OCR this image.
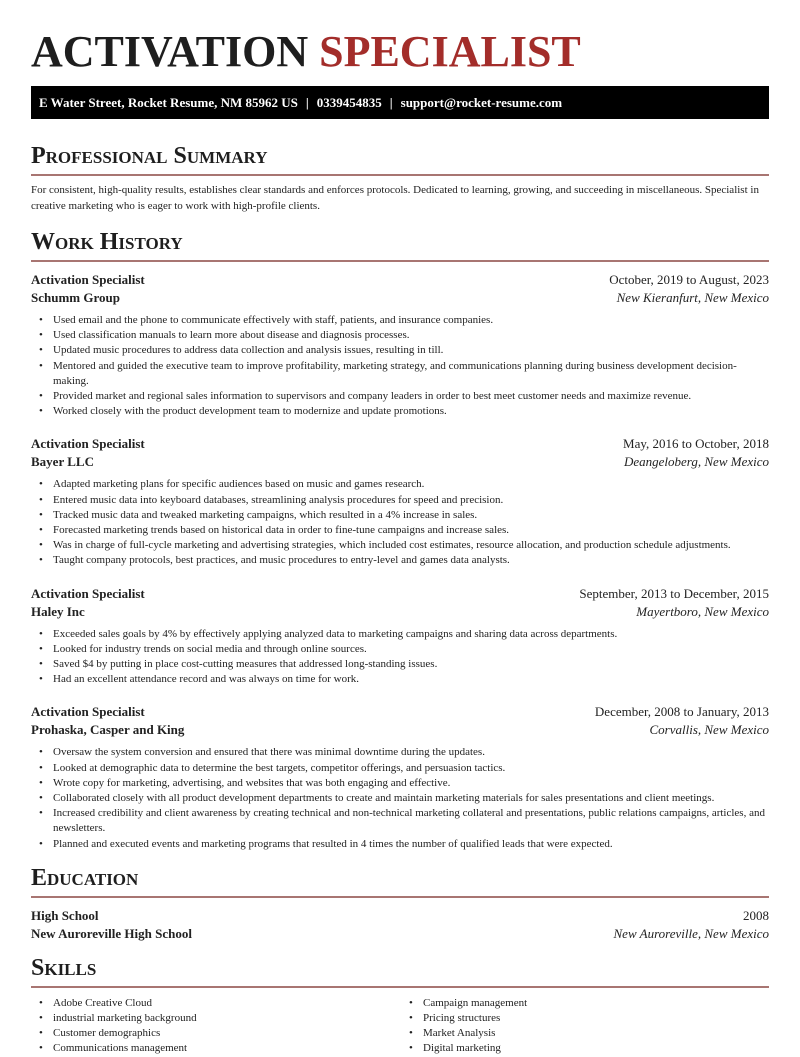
ACTIVATION SPECIALIST
E Water Street, Rocket Resume, NM 85962 US | 0339454835 | support@rocket-resume.com
Professional Summary

For consistent, high-quality results, establishes clear standards and enforces protocols. Dedicated to learning, growing, and succeeding in miscellaneous. Specialist in creative marketing who is eager to work with high-profile clients.

Work History
Activation Specialist	October, 2019 to August, 2023
Schumm Group	New Kieranfurt, New Mexico
• Used email and the phone to communicate effectively with staff, patients, and insurance companies.
• Used classification manuals to learn more about disease and diagnosis processes.
• Updated music procedures to address data collection and analysis issues, resulting in till.
• Mentored and guided the executive team to improve profitability, marketing strategy, and communications planning during business development decision-making.
• Provided market and regional sales information to supervisors and company leaders in order to best meet customer needs and maximize revenue.
• Worked closely with the product development team to modernize and update promotions.
Activation Specialist	May, 2016 to October, 2018
Bayer LLC	Deangeloberg, New Mexico
• Adapted marketing plans for specific audiences based on music and games research.
• Entered music data into keyboard databases, streamlining analysis procedures for speed and precision.
• Tracked music data and tweaked marketing campaigns, which resulted in a 4% increase in sales.
• Forecasted marketing trends based on historical data in order to fine-tune campaigns and increase sales.
• Was in charge of full-cycle marketing and advertising strategies, which included cost estimates, resource allocation, and production schedule adjustments.
• Taught company protocols, best practices, and music procedures to entry-level and games data analysts.
Activation Specialist	September, 2013 to December, 2015
Haley Inc	Mayertboro, New Mexico
• Exceeded sales goals by 4% by effectively applying analyzed data to marketing campaigns and sharing data across departments.
• Looked for industry trends on social media and through online sources.
• Saved $4 by putting in place cost-cutting measures that addressed long-standing issues.
• Had an excellent attendance record and was always on time for work.
Activation Specialist	December, 2008 to January, 2013
Prohaska, Casper and King	Corvallis, New Mexico
• Oversaw the system conversion and ensured that there was minimal downtime during the updates.
• Looked at demographic data to determine the best targets, competitor offerings, and persuasion tactics.
• Wrote copy for marketing, advertising, and websites that was both engaging and effective.
• Collaborated closely with all product development departments to create and maintain marketing materials for sales presentations and client meetings.
• Increased credibility and client awareness by creating technical and non-technical marketing collateral and presentations, public relations campaigns, articles, and newsletters.
• Planned and executed events and marketing programs that resulted in 4 times the number of qualified leads that were expected.
Education
High School	2008
New Auroreville High School	New Auroreville, New Mexico
Skills
• Adobe Creative Cloud
• industrial marketing background
• Customer demographics
• Communications management
• Campaign management
• Pricing structures
• Market Analysis
• Digital marketing
